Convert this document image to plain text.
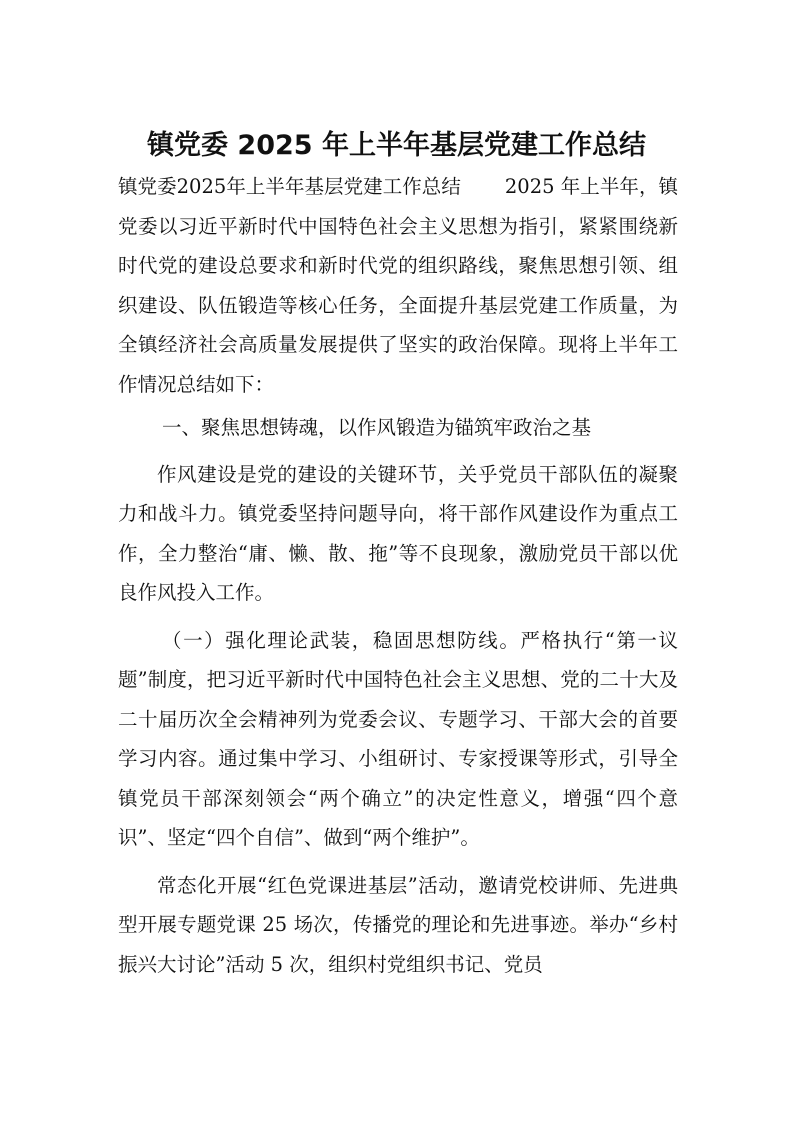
镇党委 2025 年上半年基层党建工作总结

镇党委2025年上半年基层党建工作总结 2025 年上半年，镇党委以习近平新时代中国特色社会主义思想为指引，紧紧围绕新时代党的建设总要求和新时代党的组织路线，聚焦思想引领、组织建设、队伍锻造等核心任务，全面提升基层党建工作质量，为全镇经济社会高质量发展提供了坚实的政治保障。现将上半年工作情况总结如下：

一、聚焦思想铸魂，以作风锻造为锚筑牢政治之基

作风建设是党的建设的关键环节，关乎党员干部队伍的凝聚力和战斗力。镇党委坚持问题导向，将干部作风建设作为重点工作，全力整治“庸、懒、散、拖”等不良现象，激励党员干部以优良作风投入工作。

（一）强化理论武装，稳固思想防线。严格执行“第一议题”制度，把习近平新时代中国特色社会主义思想、党的二十大及二十届历次全会精神列为党委会议、专题学习、干部大会的首要学习内容。通过集中学习、小组研讨、专家授课等形式，引导全镇党员干部深刻领会“两个确立”的决定性意义，增强“四个意识”、坚定“四个自信”、做到“两个维护”。

常态化开展“红色党课进基层”活动，邀请党校讲师、先进典型开展专题党课 25 场次，传播党的理论和先进事迹。举办“乡村振兴大讨论”活动 5 次，组织村党组织书记、党员
